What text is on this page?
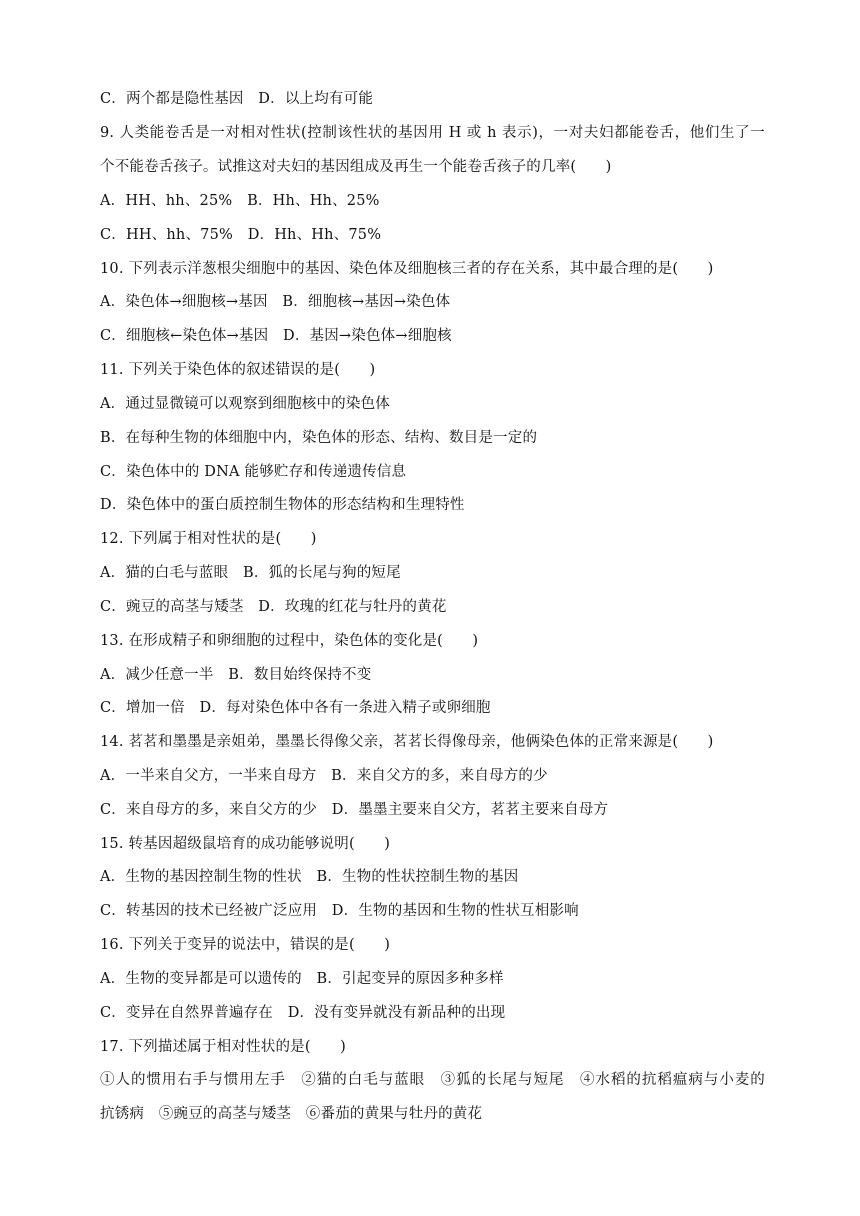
C．两个都是隐性基因　D．以上均有可能
9. 人类能卷舌是一对相对性状(控制该性状的基因用 H 或 h 表示)，一对夫妇都能卷舌，他们生了一
个不能卷舌孩子。试推这对夫妇的基因组成及再生一个能卷舌孩子的几率(　　)
A．HH、hh、25%　B．Hh、Hh、25%
C．HH、hh、75%　D．Hh、Hh、75%
10. 下列表示洋葱根尖细胞中的基因、染色体及细胞核三者的存在关系，其中最合理的是(　　)
A．染色体→细胞核→基因　B．细胞核→基因→染色体
C．细胞核←染色体→基因　D．基因→染色体→细胞核
11. 下列关于染色体的叙述错误的是(　　)
A．通过显微镜可以观察到细胞核中的染色体
B．在每种生物的体细胞中内，染色体的形态、结构、数目是一定的
C．染色体中的 DNA 能够贮存和传递遗传信息
D．染色体中的蛋白质控制生物体的形态结构和生理特性
12. 下列属于相对性状的是(　　)
A．猫的白毛与蓝眼　B．狐的长尾与狗的短尾
C．豌豆的高茎与矮茎　D．玫瑰的红花与牡丹的黄花
13. 在形成精子和卵细胞的过程中，染色体的变化是(　　)
A．减少任意一半　B．数目始终保持不变
C．增加一倍　D．每对染色体中各有一条进入精子或卵细胞
14. 茗茗和墨墨是亲姐弟，墨墨长得像父亲，茗茗长得像母亲，他俩染色体的正常来源是(　　)
A．一半来自父方，一半来自母方　B．来自父方的多，来自母方的少
C．来自母方的多，来自父方的少　D．墨墨主要来自父方，茗茗主要来自母方
15. 转基因超级鼠培育的成功能够说明(　　)
A．生物的基因控制生物的性状　B．生物的性状控制生物的基因
C．转基因的技术已经被广泛应用　D．生物的基因和生物的性状互相影响
16. 下列关于变异的说法中，错误的是(　　)
A．生物的变异都是可以遗传的　B．引起变异的原因多种多样
C．变异在自然界普遍存在　D．没有变异就没有新品种的出现
17. 下列描述属于相对性状的是(　　)
①人的惯用右手与惯用左手　②猫的白毛与蓝眼　③狐的长尾与短尾　④水稻的抗稻瘟病与小麦的
抗锈病　⑤豌豆的高茎与矮茎　⑥番茄的黄果与牡丹的黄花
